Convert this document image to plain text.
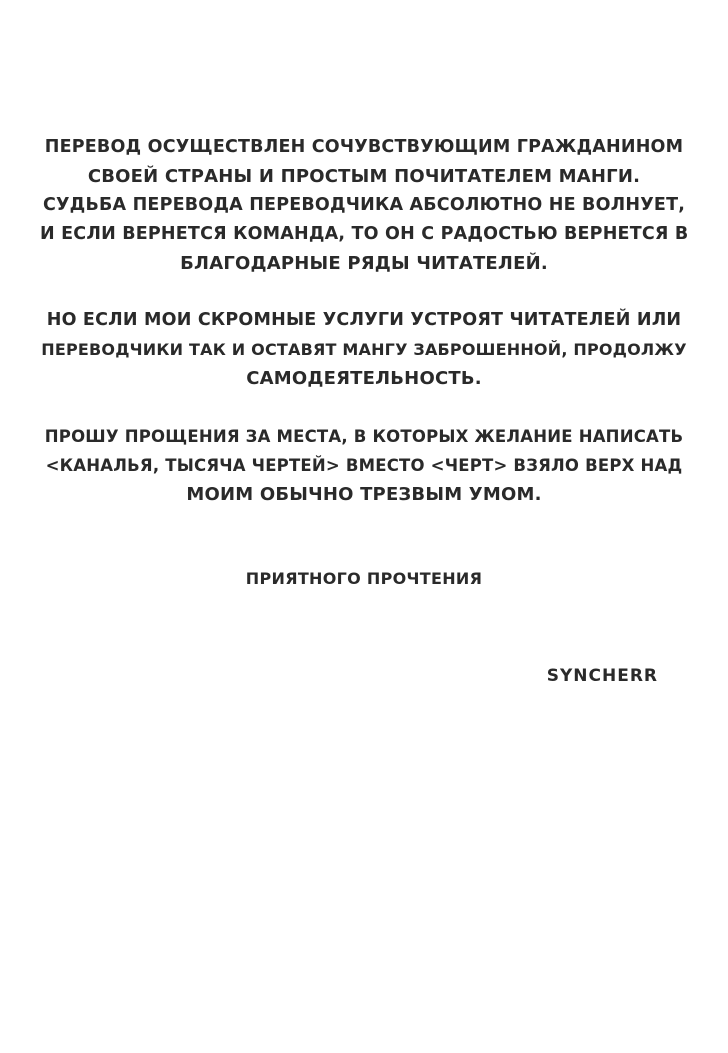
ПЕРЕВОД ОСУЩЕСТВЛЕН СОЧУВСТВУЮЩИМ ГРАЖДАНИНОМ
СВОЕЙ СТРАНЫ И ПРОСТЫМ ПОЧИТАТЕЛЕМ МАНГИ.
СУДЬБА ПЕРЕВОДА ПЕРЕВОДЧИКА АБСОЛЮТНО НЕ ВОЛНУЕТ,
И ЕСЛИ ВЕРНЕТСЯ КОМАНДА, ТО ОН С РАДОСТЬЮ ВЕРНЕТСЯ В
БЛАГОДАРНЫЕ РЯДЫ ЧИТАТЕЛЕЙ.
НО ЕСЛИ МОИ СКРОМНЫЕ УСЛУГИ УСТРОЯТ ЧИТАТЕЛЕЙ ИЛИ
ПЕРЕВОДЧИКИ ТАК И ОСТАВЯТ МАНГУ ЗАБРОШЕННОЙ, ПРОДОЛЖУ
САМОДЕЯТЕЛЬНОСТЬ.
ПРОШУ ПРОЩЕНИЯ ЗА МЕСТА, В КОТОРЫХ ЖЕЛАНИЕ НАПИСАТЬ
<КАНАЛЬЯ, ТЫСЯЧА ЧЕРТЕЙ> ВМЕСТО <ЧЕРТ> ВЗЯЛО ВЕРХ НАД
МОИМ ОБЫЧНО ТРЕЗВЫМ УМОМ.
ПРИЯТНОГО ПРОЧТЕНИЯ
SYNCHERR
